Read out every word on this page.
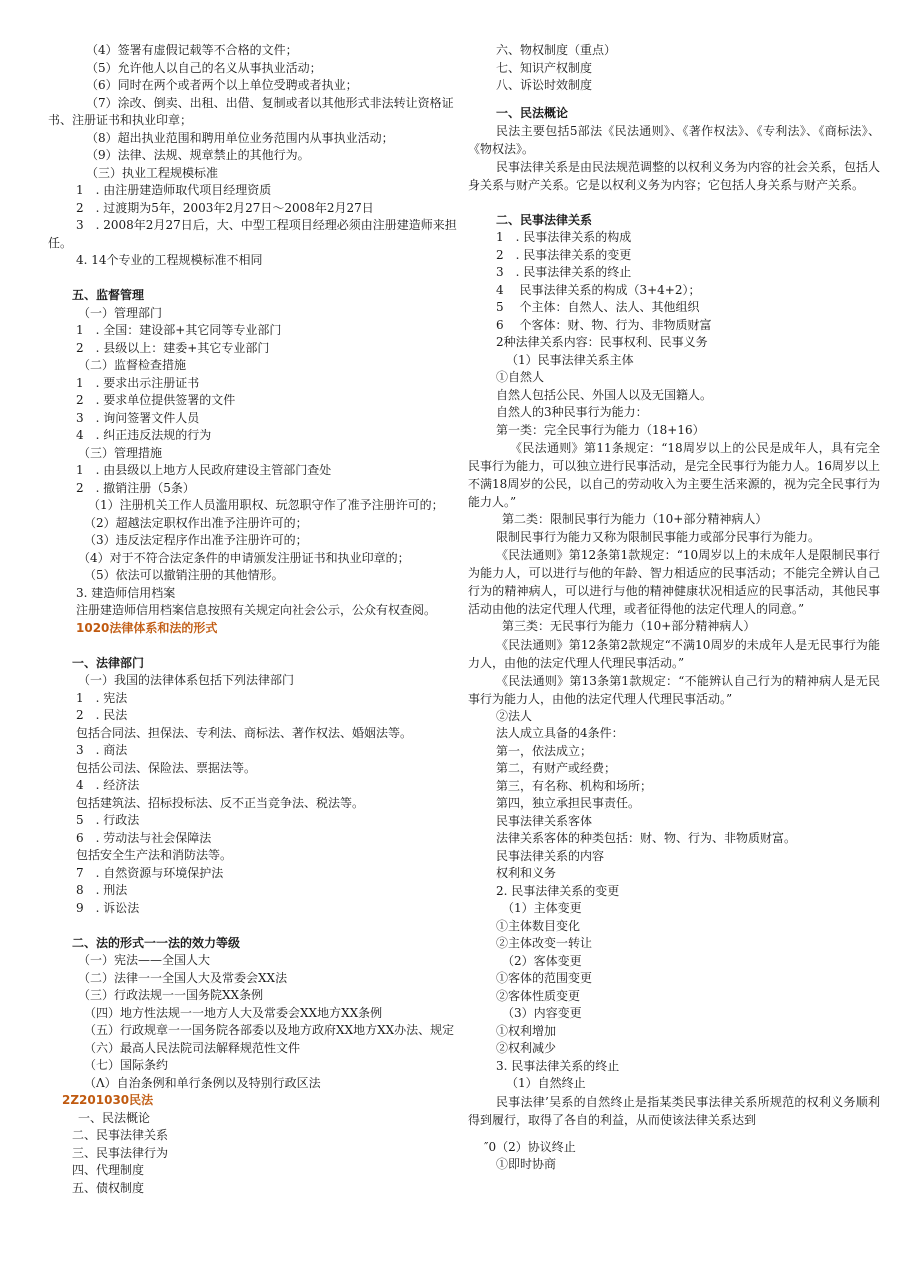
（4）签署有虚假记载等不合格的文件；
（5）允许他人以自己的名义从事执业活动；
（6）同时在两个或者两个以上单位受聘或者执业；
（7）涂改、倒卖、出租、出借、复制或者以其他形式非法转让资格证书、注册证书和执业印章；
（8）超出执业范围和聘用单位业务范围内从事执业活动；
（9）法律、法规、规章禁止的其他行为。
（三）执业工程规模标准
1　. 由注册建造师取代项目经理资质
2　. 过渡期为5年，2003年2月27日～2008年2月27日
3　. 2008年2月27日后，大、中型工程项目经理必须由注册建造师来担任。
4. 14个专业的工程规模标准不相同
五、监督管理
（一）管理部门
1　. 全国：建设部+其它同等专业部门
2　. 县级以上：建委+其它专业部门
（二）监督检查措施
1　. 要求出示注册证书
2　. 要求单位提供签署的文件
3　. 询问签署文件人员
4　. 纠正违反法规的行为
（三）管理措施
1　. 由县级以上地方人民政府建设主管部门查处
2　. 撤销注册（5条）
（1）注册机关工作人员滥用职权、玩忽职守作了准予注册许可的；
（2）超越法定职权作出准予注册许可的；
（3）违反法定程序作出准予注册许可的；
（4）对于不符合法定条件的申请颁发注册证书和执业印章的；
（5）依法可以撤销注册的其他情形。
3. 建造师信用档案
注册建造师信用档案信息按照有关规定向社会公示，公众有权查阅。
1020法律体系和法的形式
一、法律部门
（一）我国的法律体系包括下列法律部门
1　. 宪法
2　. 民法
包括合同法、担保法、专利法、商标法、著作权法、婚姻法等。
3　. 商法
包括公司法、保险法、票据法等。
4　. 经济法
包括建筑法、招标投标法、反不正当竞争法、税法等。
5　. 行政法
6　. 劳动法与社会保障法
包括安全生产法和消防法等。
7　. 自然资源与环境保护法
8　. 刑法
9　. 诉讼法
二、法的形式一一法的效力等级
（一）宪法——全国人大
（二）法律一一全国人大及常委会XX法
（三）行政法规一一国务院XX条例
（四）地方性法规一一地方人大及常委会XX地方XX条例
（五）行政规章一一国务院各部委以及地方政府XX地方XX办法、规定
（六）最高人民法院司法解释规范性文件
（七）国际条约
（Λ）自治条例和单行条例以及特别行政区法
2Z201030民法
一、民法概论
二、民事法律关系
三、民事法律行为
四、代理制度
五、债权制度
六、物权制度（重点）
七、知识产权制度
八、诉讼时效制度
一、民法概论
民法主要包括5部法《民法通则》、《著作权法》、《专利法》、《商标法》、《物权法》。
民事法律关系是由民法规范调整的以权利义务为内容的社会关系，包括人身关系与财产关系。它是以权利义务为内容；它包括人身关系与财产关系。
二、民事法律关系
1　. 民事法律关系的构成
2　. 民事法律关系的变更
3　. 民事法律关系的终止
4　 民事法律关系的构成（3+4+2）；
5　 个主体：自然人、法人、其他组织
6　 个客体：财、物、行为、非物质财富
2种法律关系内容：民事权利、民事义务
（1）民事法律关系主体
①自然人
自然人包括公民、外国人以及无国籍人。
自然人的3种民事行为能力：
第一类：完全民事行为能力（18+16）
《民法通则》第11条规定：“18周岁以上的公民是成年人，具有完全民事行为能力，可以独立进行民事活动，是完全民事行为能力人。16周岁以上不满18周岁的公民，以自己的劳动收入为主要生活来源的，视为完全民事行为能力人。”
第二类：限制民事行为能力（10+部分精神病人）
限制民事行为能力又称为限制民事能力或部分民事行为能力。
《民法通则》第12条第1款规定：“10周岁以上的未成年人是限制民事行为能力人，可以进行与他的年龄、智力相适应的民事活动；不能完全辨认自己行为的精神病人，可以进行与他的精神健康状况相适应的民事活动，其他民事活动由他的法定代理人代理，或者征得他的法定代理人的同意。”
第三类：无民事行为能力（10+部分精神病人）
《民法通则》第12条第2款规定“不满10周岁的未成年人是无民事行为能力人，由他的法定代理人代理民事活动。”
《民法通则》第13条第1款规定：“不能辨认自己行为的精神病人是无民事行为能力人，由他的法定代理人代理民事活动。”
②法人
法人成立具备的4条件：
第一，依法成立；
第二，有财产或经费；
第三，有名称、机构和场所；
第四，独立承担民事责任。
民事法律关系客体
法律关系客体的种类包括：财、物、行为、非物质财富。
民事法律关系的内容
权利和义务
2. 民事法律关系的变更
（1）主体变更
①主体数目变化
②主体改变一转让
（2）客体变更
①客体的范围变更
②客体性质变更
（3）内容变更
①权利增加
②权利减少
3. 民事法律关系的终止
（1）自然终止
民事法律’吴系的自然终止是指某类民事法律关系所规范的权利义务顺利得到履行，取得了各自的利益，从而使该法律关系达到
″0（2）协议终止
①即时协商
